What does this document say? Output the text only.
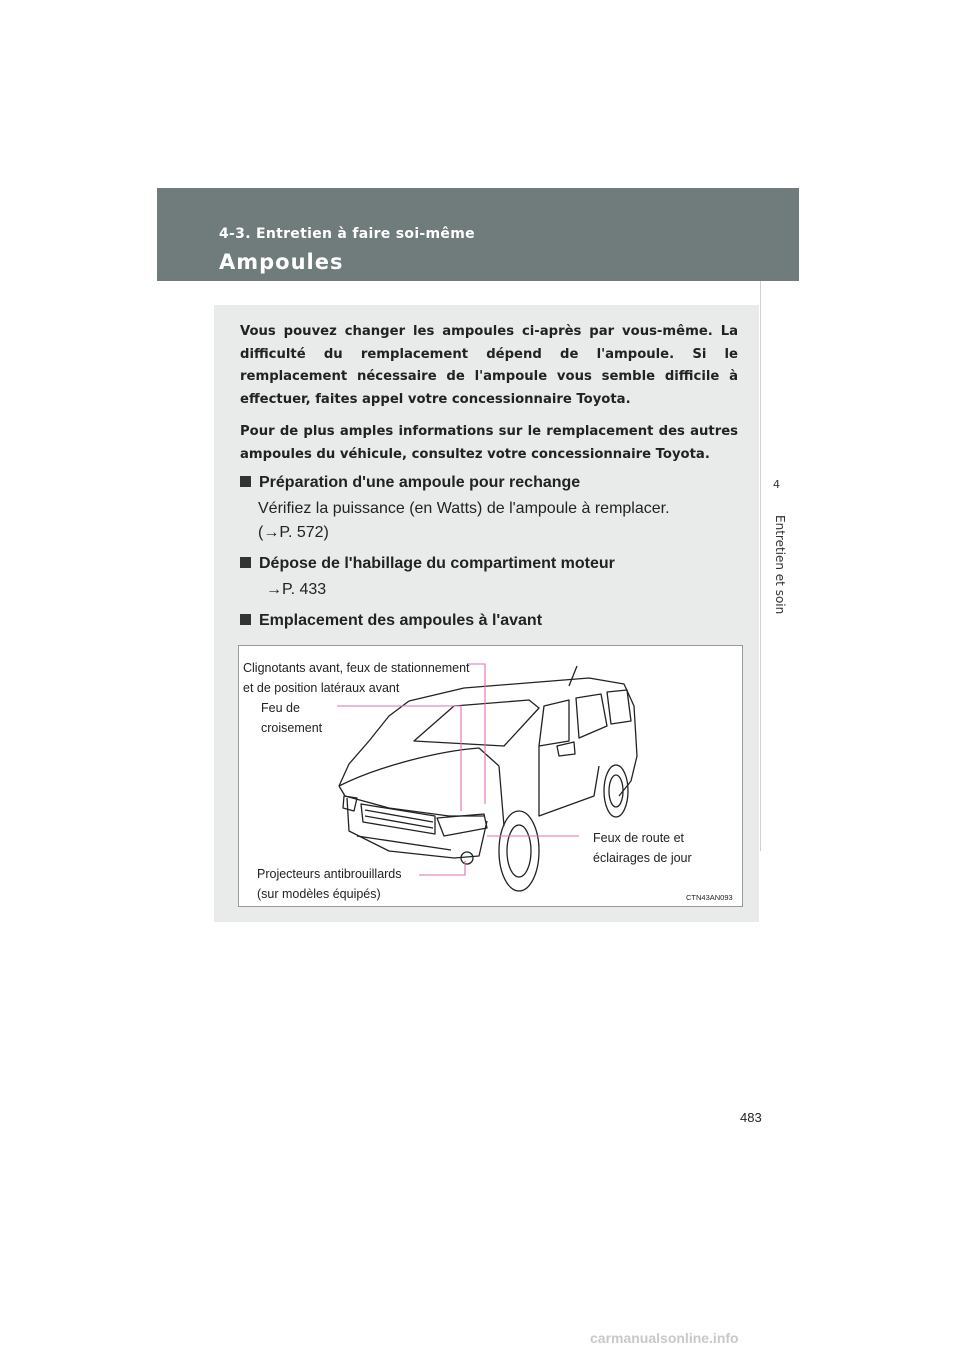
4-3. Entretien à faire soi-même
Ampoules
4
Entretien et soin

Vous pouvez changer les ampoules ci-après par vous-même. La difficulté du remplacement dépend de l'ampoule. Si le remplacement nécessaire de l'ampoule vous semble difficile à effectuer, faites appel votre concessionnaire Toyota.

Pour de plus amples informations sur le remplacement des autres ampoules du véhicule, consultez votre concessionnaire Toyota.

Préparation d'une ampoule pour rechange
Vérifiez la puissance (en Watts) de l'ampoule à remplacer.
(→P. 572)
Dépose de l'habillage du compartiment moteur
→P. 433
Emplacement des ampoules à l'avant
Clignotants avant, feux de stationnement
et de position latéraux avant
Feu de
croisement
Feux de route et
éclairages de jour
Projecteurs antibrouillards
(sur modèles équipés)	CTN43AN093
483
carmanualsonline.info
